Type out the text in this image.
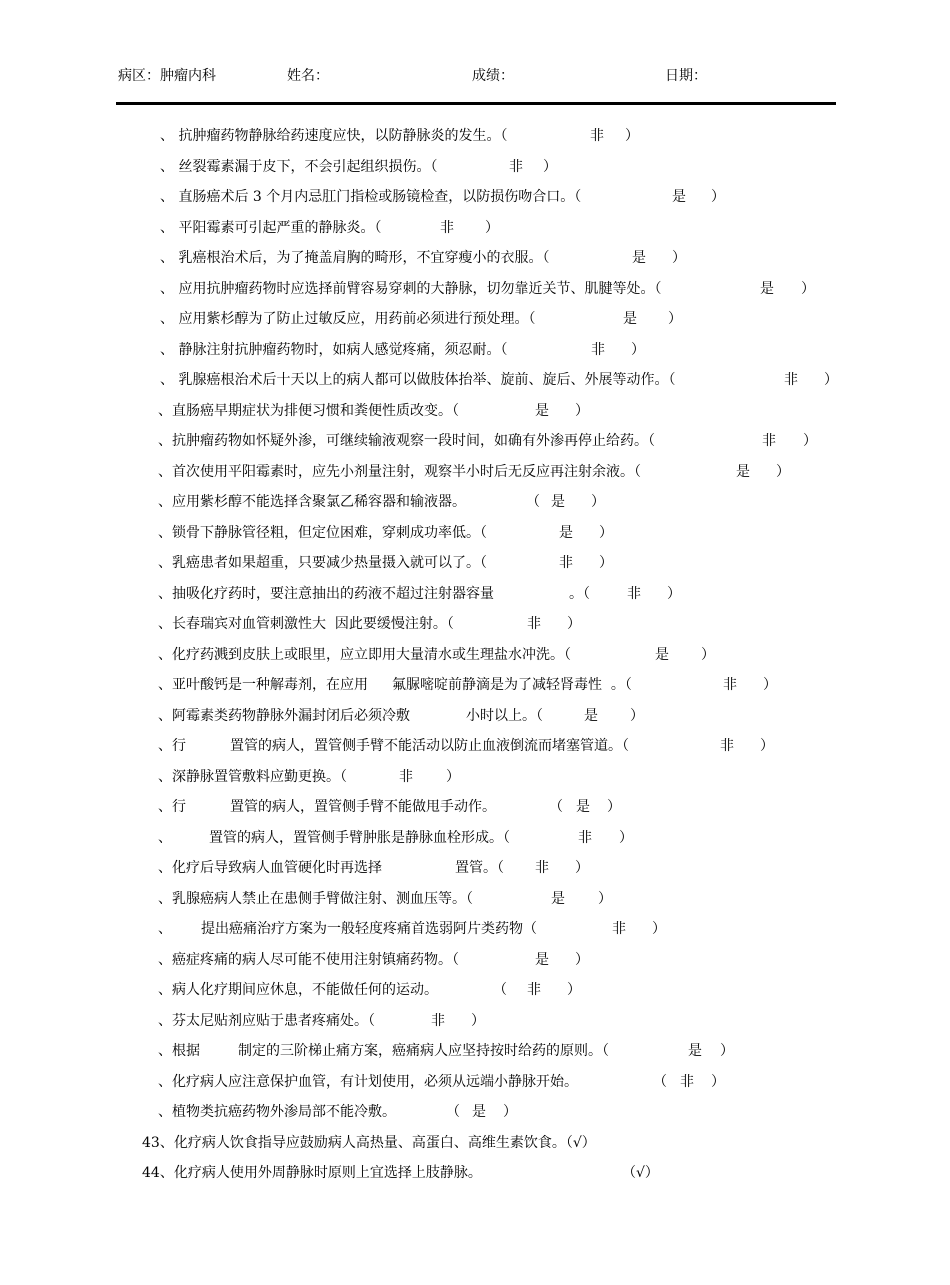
病区：肿瘤内科	姓名：	成绩：	日期：
、 抗肿瘤药物静脉给药速度应快，以防静脉炎的发生。（	非 ）
、 丝裂霉素漏于皮下，不会引起组织损伤。（	非 ）
、 直肠癌术后 3 个月内忌肛门指检或肠镜检查，以防损伤吻合口。（	是 ）
、 平阳霉素可引起严重的静脉炎。（	非 ）
、 乳癌根治术后，为了掩盖肩胸的畸形，不宜穿瘦小的衣服。（	是 ）
、 应用抗肿瘤药物时应选择前臂容易穿刺的大静脉，切勿靠近关节、肌腱等处。（	是 ）
、 应用紫杉醇为了防止过敏反应，用药前必须进行预处理。（	是 ）
、 静脉注射抗肿瘤药物时，如病人感觉疼痛，须忍耐。（	非 ）
、 乳腺癌根治术后十天以上的病人都可以做肢体抬举、旋前、旋后、外展等动作。（	非 ）
、直肠癌早期症状为排便习惯和粪便性质改变。（	是 ）
、抗肿瘤药物如怀疑外渗，可继续输液观察一段时间，如确有外渗再停止给药。（	非 ）
、首次使用平阳霉素时，应先小剂量注射，观察半小时后无反应再注射余液。（	是 ）
、应用紫杉醇不能选择含聚氯乙稀容器和输液器。	（ 是 ）
、锁骨下静脉管径粗，但定位困难，穿刺成功率低。（	是 ）
、乳癌患者如果超重，只要减少热量摄入就可以了。（	非 ）
、抽吸化疗药时，要注意抽出的药液不超过注射器容量	。（	非 ）
、长春瑞宾对血管刺激性大  因此要缓慢注射。（	非 ）
、化疗药溅到皮肤上或眼里，应立即用大量清水或生理盐水冲洗。（	是 ）
、亚叶酸钙是一种解毒剂，在应用 氟脲嘧啶前静滴是为了减轻肾毒性  。（	非 ）
、阿霉素类药物静脉外漏封闭后必须冷敷	小时以上。（	是 ）
、行	置管的病人，置管侧手臂不能活动以防止血液倒流而堵塞管道。（	非 ）
、深静脉置管敷料应勤更换。（	非 ）
、行	置管的病人，置管侧手臂不能做甩手动作。	（ 是 ）
、	置管的病人，置管侧手臂肿胀是静脉血栓形成。（	非 ）
、化疗后导致病人血管硬化时再选择	置管。（ 非 ）
、乳腺癌病人禁止在患侧手臂做注射、测血压等。（	是 ）
、 提出癌痛治疗方案为一般轻度疼痛首选弱阿片类药物（	非 ）
、癌症疼痛的病人尽可能不使用注射镇痛药物。（	是 ）
、病人化疗期间应休息，不能做任何的运动。	（ 非 ）
、芬太尼贴剂应贴于患者疼痛处。（	非 ）
、根据	制定的三阶梯止痛方案，癌痛病人应坚持按时给药的原则。（	是 ）
、化疗病人应注意保护血管，有计划使用，必须从远端小静脉开始。	（ 非 ）
、植物类抗癌药物外渗局部不能冷敷。	（ 是 ）
43、化疗病人饮食指导应鼓励病人高热量、高蛋白、高维生素饮食。（√）
44、化疗病人使用外周静脉时原则上宜选择上肢静脉。	（√）
